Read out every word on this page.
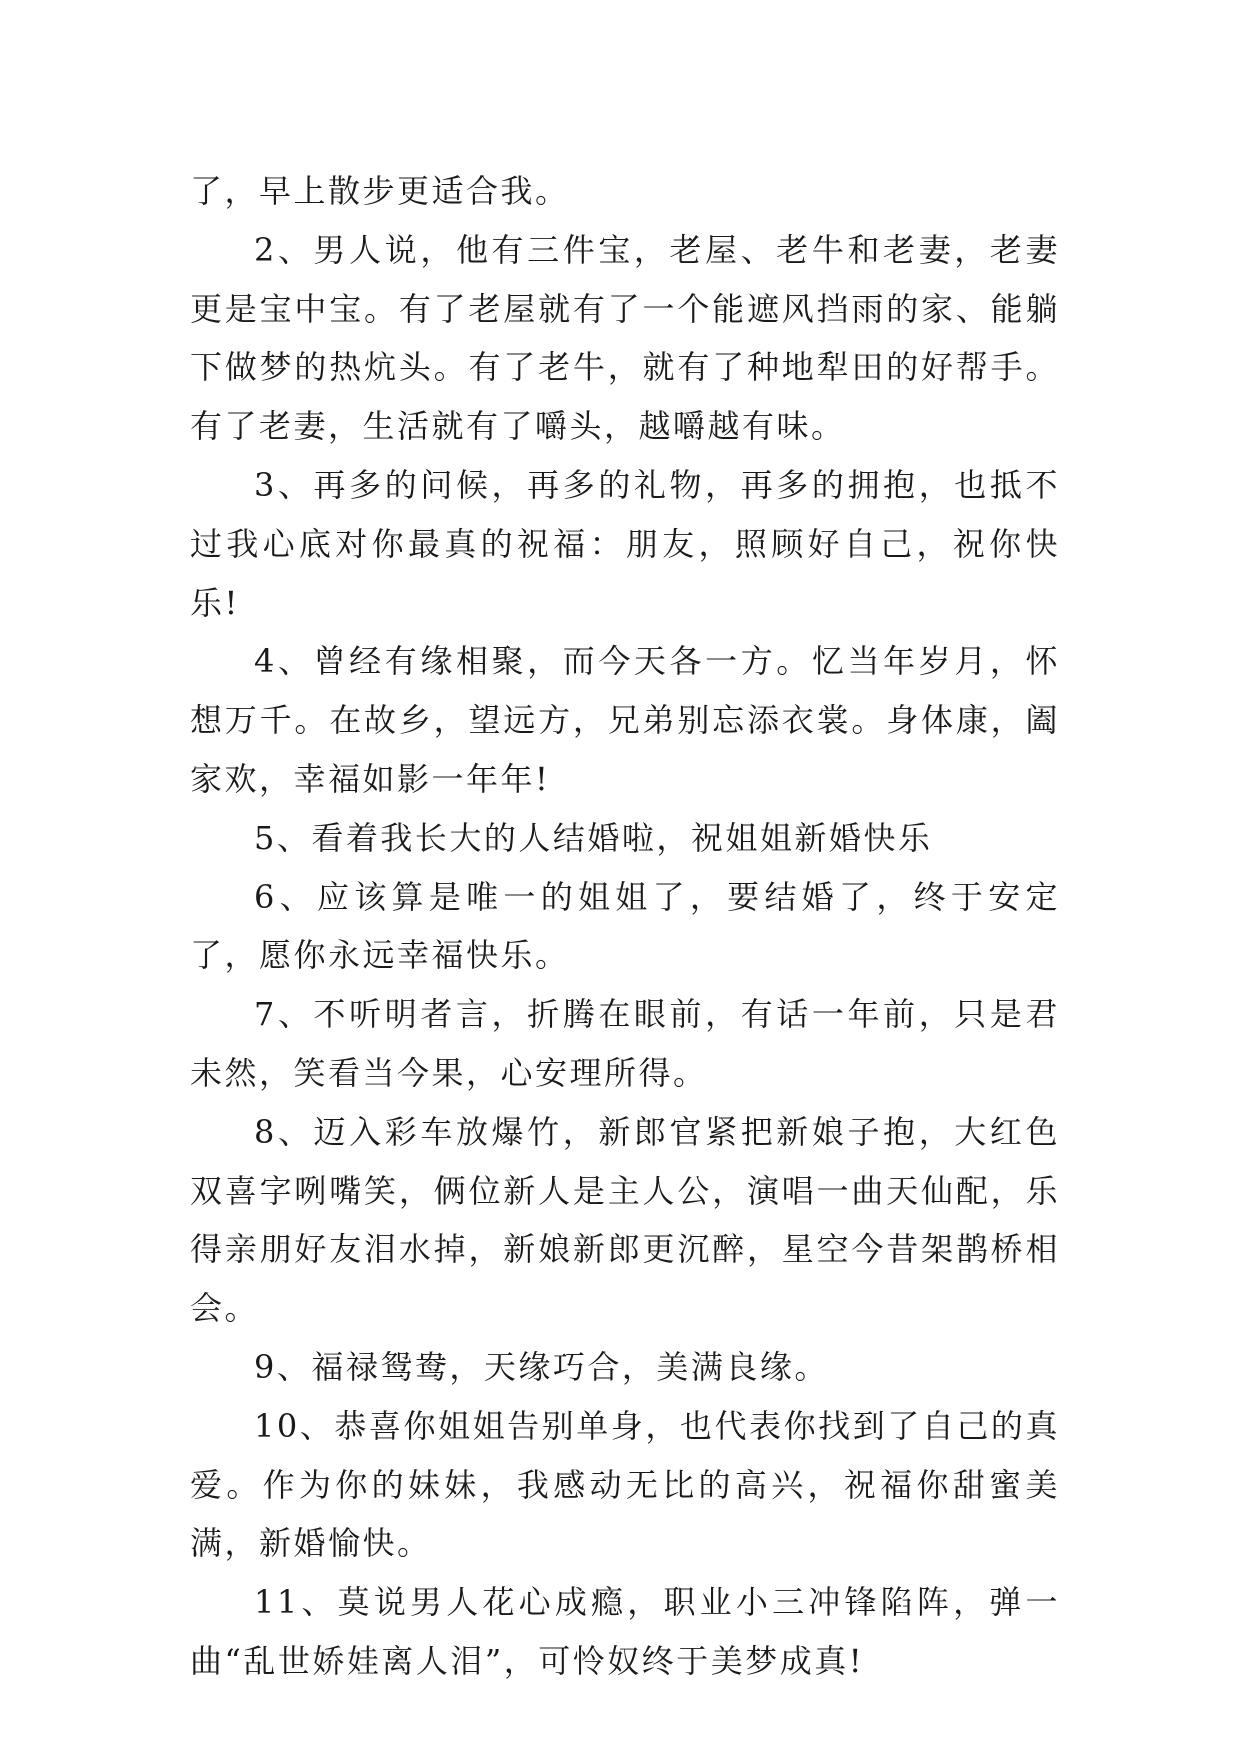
了，早上散步更适合我。

2、男人说，他有三件宝，老屋、老牛和老妻，老妻更是宝中宝。有了老屋就有了一个能遮风挡雨的家、能躺下做梦的热炕头。有了老牛，就有了种地犁田的好帮手。有了老妻，生活就有了嚼头，越嚼越有味。

3、再多的问候，再多的礼物，再多的拥抱，也抵不过我心底对你最真的祝福：朋友，照顾好自己，祝你快乐!

4、曾经有缘相聚，而今天各一方。忆当年岁月，怀想万千。在故乡，望远方，兄弟别忘添衣裳。身体康，阖家欢，幸福如影一年年!

5、看着我长大的人结婚啦，祝姐姐新婚快乐

6、应该算是唯一的姐姐了，要结婚了，终于安定了，愿你永远幸福快乐。

7、不听明者言，折腾在眼前，有话一年前，只是君未然，笑看当今果，心安理所得。

8、迈入彩车放爆竹，新郎官紧把新娘子抱，大红色双喜字咧嘴笑，俩位新人是主人公，演唱一曲天仙配，乐得亲朋好友泪水掉，新娘新郎更沉醉，星空今昔架鹊桥相会。

9、福禄鸳鸯，天缘巧合，美满良缘。

10、恭喜你姐姐告别单身，也代表你找到了自己的真爱。作为你的妹妹，我感动无比的高兴，祝福你甜蜜美满，新婚愉快。

11、莫说男人花心成瘾，职业小三冲锋陷阵，弹一曲“乱世娇娃离人泪”，可怜奴终于美梦成真!
